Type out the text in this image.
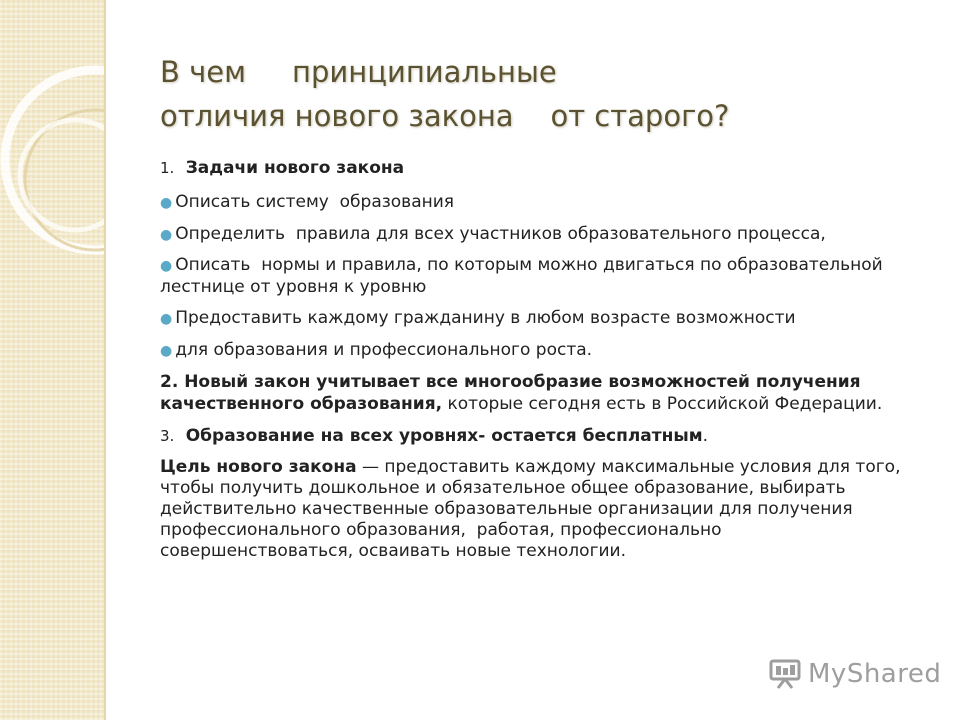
В чем     принципиальные
отличия нового закона    от старого?
1. Задачи нового закона
● Описать систему  образования
● Определить  правила для всех участников образовательного процесса,
● Описать  нормы и правила, по которым можно двигаться по образовательной  лестнице от уровня к уровню
● Предоставить каждому гражданину в любом возрасте возможности
● для образования и профессионального роста.

2. Новый закон учитывает все многообразие возможностей получения качественного образования, которые сегодня есть в Российской Федерации.

3. Образование на всех уровнях- остается бесплатным.

Цель нового закона — предоставить каждому максимальные условия для того, чтобы получить дошкольное и обязательное общее образование, выбирать действительно качественные образовательные организации для получения  профессионального образования,  работая, профессионально   совершенствоваться, осваивать новые технологии.

MyShared
